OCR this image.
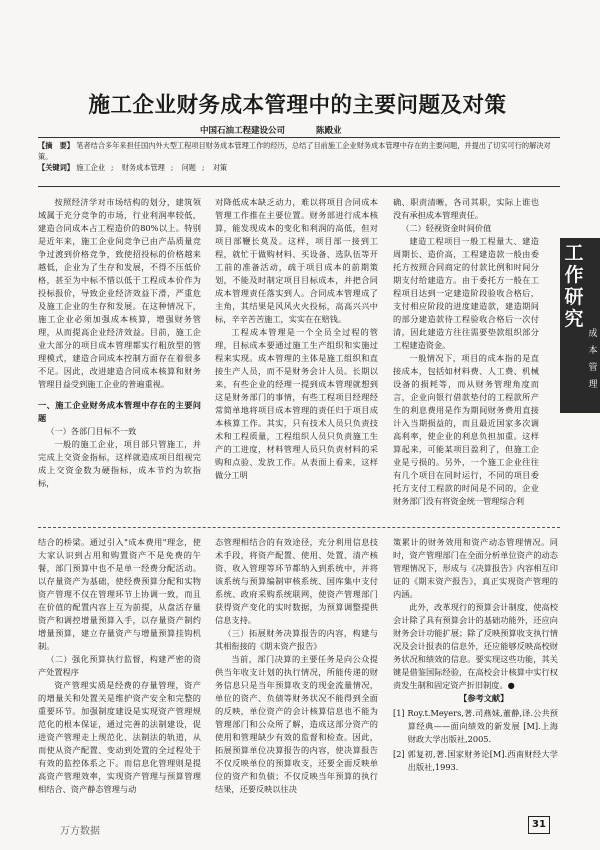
施工企业财务成本管理中的主要问题及对策
中国石油工程建设公司	陈殿业

【摘　要】 笔者结合多年来担任国内外大型工程项目财务成本管理工作的经历，总结了目前施工企业财务成本管理中存在的主要问题，并提出了切实可行的解决对策。

【关键词】 施工企业 ; 财务成本管理 ; 问题 ; 对策

按照经济学对市场结构的划分，建筑领域属于充分竞争的市场，行业利润率较低，建造合同成本占工程造价的80%以上。特别是近年来，施工企业间竞争已由产品质量竞争过渡到价格竞争，致使招投标的价格越来越低，企业为了生存和发展，不得不压低价格，甚至为中标不惜以低于工程成本价作为投标报价，导致企业经济效益下滑，严重危及施工企业的生存和发展。在这种情况下，施工企业必须加强成本核算，增强财务管理，从而提高企业经济效益。目前，施工企业大部分的项目成本管理都实行粗放型的管理模式，建造合同成本控制方面存在着很多不足。因此，改进建造合同成本核算和财务管理目益受到施工企业的普遍重视。

一、施工企业财务成本管理中存在的主要问题

（一）各部门目标不一致

一般的施工企业，项目部只管施工，并完成上交资金指标，这样就造成项目组视完成上交资金数为硬指标，成本节约为软指标，

对降低成本缺乏动力，难以将项目合同成本管理工作推在主要位置。财务部进行成本核算，能发现成本的变化和利润的高低，但对项目部鞭长莫及。这样，项目部一接到工程，就忙于做购材料、买设备、选队伍等开工前的准备活动，疏于项目成本的前期策划，不能及时制定项目目标成本，并把合同成本管理责任落实到人。合同成本管理成了主角，其结果是风风火火投标，高高兴兴中标，辛辛苦苦施工，实实在在赔钱。

工程成本管理是一个全员全过程的管理，目标成本要通过施工生产组织和实施过程来实现。成本管理的主体是施工组织和直接生产人员，而不是财务会计人员。长期以来，有些企业的经理一提到成本管理就想到这是财务部门的事情，有些工程项目经理经常简单地将项目成本管理的责任归于项目成本核算工作。其实，只有技术人员只负责技术和工程质量，工程组织人员只负责施工生产的工进度，材料管理人员只负责材料的采购和点验、发放工作。从表面上看来，这样做分工明

确、职责清晰，各司其职，实际上谁也没有承担成本管理责任。

（二）轻视资金时间价值

建造工程项目一般工程量大、建造周期长、造价高，工程建造款一般由委托方按照合同商定的付款比例和时间分期支付给建造方。由于委托方一般在工程项目达到一定建造阶段验收合格后，支付相应阶段的进度建造款，建造期间的部分建造款待工程验收合格后一次付清，因此建造方往往需要垫款组织部分工程建造资金。

一般情况下，项目的成本指的是直接成本，包括如材料费、人工费、机械设备的损耗等，而从财务管理角度而言，企业向银行借款垫付的工程款所产生的利息费用是作为期间财务费用直接计入当期损益的，而且最近国家多次调高利率，使企业的利息负担加重。这样算起来，可能某项目盈利了，但施工企业是亏损的。另外，一个施工企业往往有几个项目在同时运行，不同的项目委托方支付工程款的时间是不同的，企业财务部门没有将资金统一管理综合利

工作研究
成本管理

结合的桥梁。通过引入"成本费用"理念，使大家认识到占用和购置资产不是免费的午餐，部门预算中也不是单一经费分配活动。以存量资产为基础，使经费预算分配和实物资产管理不仅在管理环节上协调一致，而且在价值的配置内容上互为前提，从盘活存量资产和调控增量预算入手，以存量资产制约增量预算，建立存量资产与增量预算挂钩机制。

（二）强化预算执行监督，构建严密的资产处置程序

资产管理实质是经费的存量管理，资产的增量关和处置关是维护资产安全和完整的重要环节。加强制度建设是实现资产管理规范化的根本保证，通过完善的法制建设，促进资产管理走上规范化、法制法的轨道，从而使从资产配置、变动到处置的全过程处于有效的监控体系之下。而信息化管理则是提高资产管理效率，实现资产管理与预算管理相结合、资产静态管理与动

态管理相结合的有效途径，充分利用信息技术手段，将资产配置、使用、处置、清产核资、收入管理等环节都纳入到系统中，并将该系统与预算编制审核系统、国库集中支付系统、政府采购系统联网，使资产管理部门获得资产变化的实时数据，为预算调整提供信息支持。

（三）拓展财务决算报告的内容，构建与其相衔接的《期末资产报告》

当前，部门决算的主要任务是向公众提供当年收支计划的执行情况，所能传递的财务信息只是当年预算收支的现金流量情况，单位的资产、负债等财务状况不能得到全面的反映，单位资产的会计核算信息也不能为管理部门和公众所了解，造成这部分资产的使用和管理缺少有效的监督和检查。因此，拓展预算单位决算报告的内容，使决算报告不仅反映单位的预算收支，还要全面反映单位的资产和负债；不仅反映当年预算的执行结果，还要反映以往决

策累计的财务效用和资产动态管理情况。同时，资产管理部门在全面分析单位资产的动态管理情况下，形成与《决算报告》内容相互印证的《期末资产报告》，真正实现资产管理的内涵。

此外，改革现行的预算会计制度，使高校会计除了具有预算会计的基础功能外，还应向财务会计功能扩展；除了反映预算收支执行情况及会计报表的信息外，还应能够反映高校财务状况和绩效的信息。要实现这些功能，其关键是借鉴国际经验，在高校会计核算中实行权责发生制和固定资产折旧制度。●

【参考文献】

[1] Roy.t.Meyers,著.司燕妹,董静,译.公共预算经典——面向绩效的新发展 [M].上海财政大学出版社,2005.

[2] 郭复初,著.国家财务论[M].西南财经大学出版社,1993.

万方数据
31
